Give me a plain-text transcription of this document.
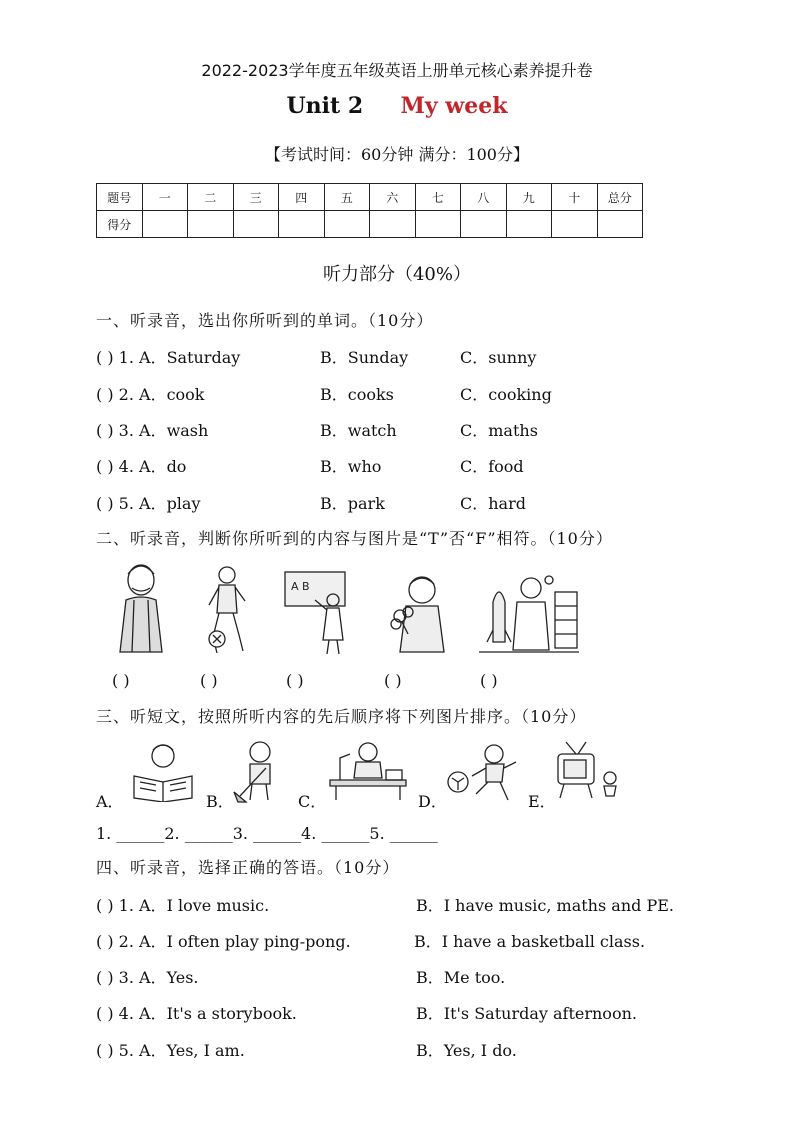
2022-2023学年度五年级英语上册单元核心素养提升卷
Unit 2 My week
【考试时间：60分钟 满分：100分】
题号	一	二	三	四	五	六	七	八	九	十	总分
得分											
听力部分（40%）
一、听录音，选出你所听到的单词。（10分）
( ) 1. A．Saturday	B．Sunday	C．sunny
( ) 2. A．cook	B．cooks	C．cooking
( ) 3. A．wash	B．watch	C．maths
( ) 4. A．do	B．who	C．food
( ) 5. A．play	B．park	C．hard
二、听录音，判断你所听到的内容与图片是“T”否“F”相符。（10分）
A B
( )	( )	( )	( )	( )
三、听短文，按照所听内容的先后顺序将下列图片排序。（10分）
A．	B．	C．	D．	E．
1. ______2. ______3. ______4. ______5. ______
四、听录音，选择正确的答语。（10分）
( ) 1. A．I love music.	B．I have music, maths and PE.
( ) 2. A．I often play ping-pong.	B．I have a basketball class.
( ) 3. A．Yes.	B．Me too.
( ) 4. A．It's a storybook.	B．It's Saturday afternoon.
( ) 5. A．Yes, I am.	B．Yes, I do.
